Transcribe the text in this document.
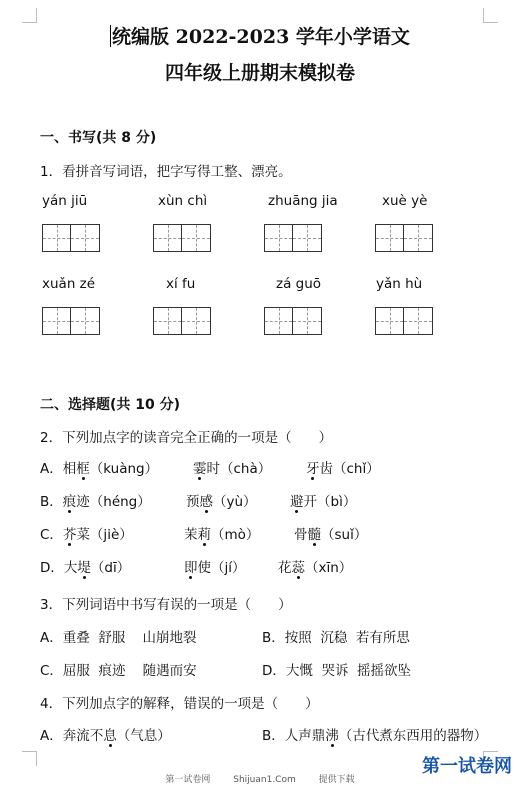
统编版 2022-2023 学年小学语文
四年级上册期末模拟卷
一、书写(共 8 分)
1．看拼音写词语，把字写得工整、漂亮。
yán jiū	xùn chì	zhuāng jia	xuè yè
xuǎn zé	xí fu	zá guō	yǎn hù
二、选择题(共 10 分)
2．下列加点字的读音完全正确的一项是（　　）
A．相框（kuàng）	霎时（chà）	牙齿（chǐ）
B．痕迹（héng）	预感（yù） 避开（bì）
C．芥菜（jiè）	茉莉（mò）	骨髓（suǐ）
D．大堤（dī）	即使（jí） 花蕊（xīn）
3．下列词语中书写有误的一项是（　　）
A．重叠  舒服    山崩地裂	B．按照  沉稳  若有所思
C．屈服  痕迹    随遇而安	D．大慨  哭诉  摇摇欲坠
4．下列加点字的解释，错误的一项是（　　）
A．奔流不息（气息）	B．人声鼎沸（古代煮东西用的器物）
第一试卷网	Shijuan1.Com	提供下载
第一试卷网
